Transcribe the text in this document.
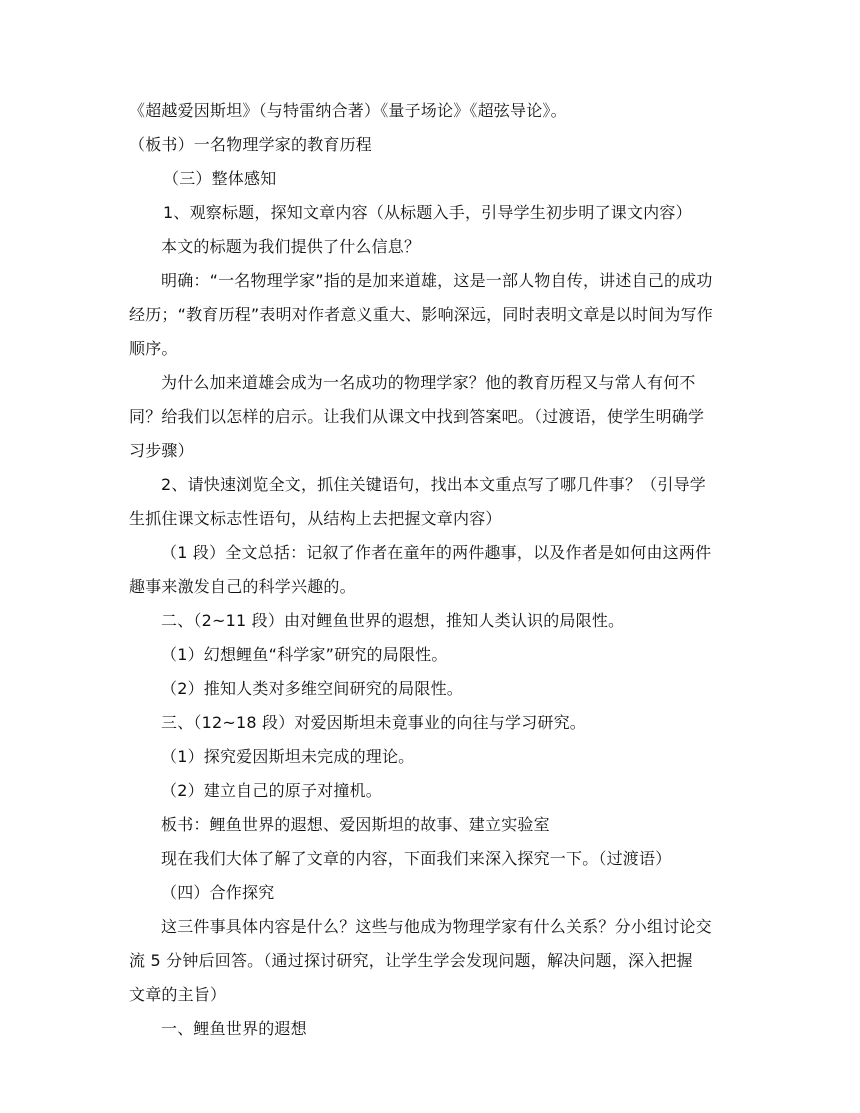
《超越爱因斯坦》（与特雷纳合著）《量子场论》《超弦导论》。
（板书）一名物理学家的教育历程
（三）整体感知
1、观察标题，探知文章内容（从标题入手，引导学生初步明了课文内容）
本文的标题为我们提供了什么信息？
明确：“一名物理学家”指的是加来道雄，这是一部人物自传，讲述自己的成功
经历；“教育历程”表明对作者意义重大、影响深远，同时表明文章是以时间为写作
顺序。
为什么加来道雄会成为一名成功的物理学家？他的教育历程又与常人有何不
同？给我们以怎样的启示。让我们从课文中找到答案吧。（过渡语，使学生明确学
习步骤）
2、请快速浏览全文，抓住关键语句，找出本文重点写了哪几件事？（引导学
生抓住课文标志性语句，从结构上去把握文章内容）
（1 段）全文总括：记叙了作者在童年的两件趣事，以及作者是如何由这两件
趣事来激发自己的科学兴趣的。
二、（2~11 段）由对鲤鱼世界的遐想，推知人类认识的局限性。
（1）幻想鲤鱼“科学家”研究的局限性。
（2）推知人类对多维空间研究的局限性。
三、（12~18 段）对爱因斯坦未竟事业的向往与学习研究。
（1）探究爱因斯坦未完成的理论。
（2）建立自己的原子对撞机。
板书：鲤鱼世界的遐想、爱因斯坦的故事、建立实验室
现在我们大体了解了文章的内容，下面我们来深入探究一下。（过渡语）
（四）合作探究
这三件事具体内容是什么？这些与他成为物理学家有什么关系？分小组讨论交
流 5 分钟后回答。（通过探讨研究，让学生学会发现问题，解决问题，深入把握
文章的主旨）
一、鲤鱼世界的遐想
